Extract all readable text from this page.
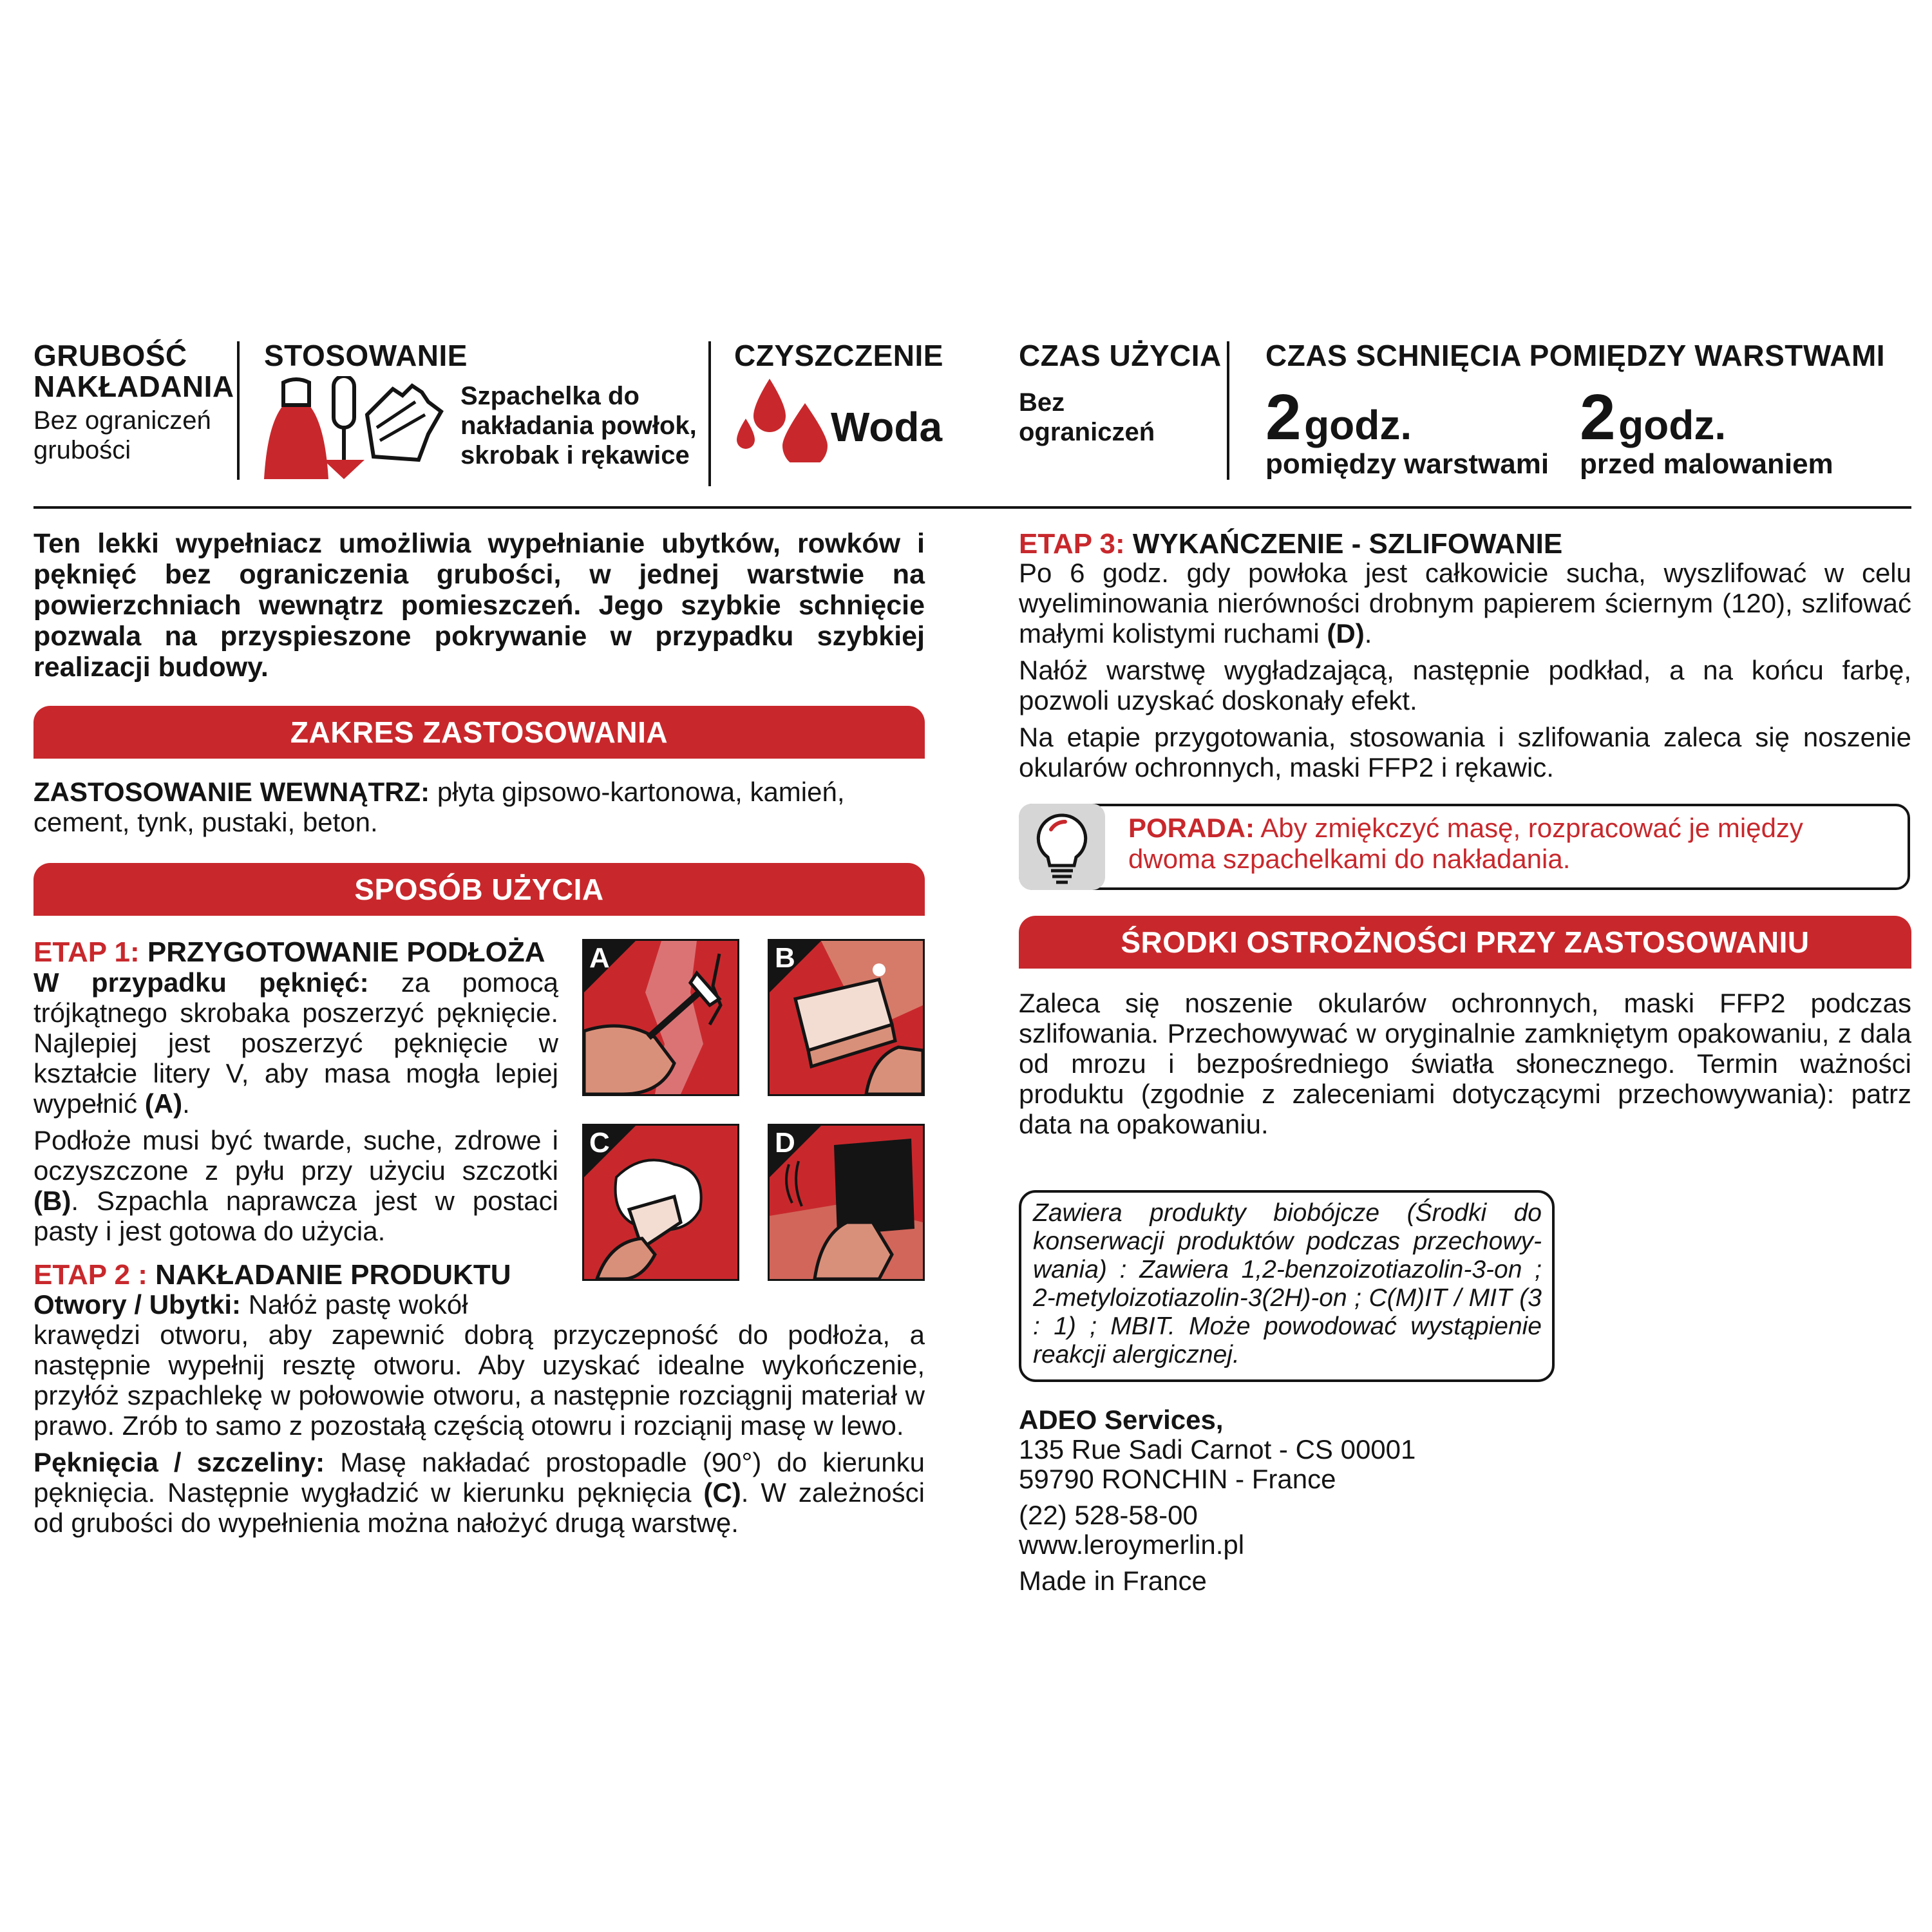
GRUBOŚĆ
NAKŁADANIA
Bez ograniczeń
grubości
STOSOWANIE
Szpachelka do
nakładania powłok,
skrobak i rękawice
CZYSZCZENIE
Woda
CZAS UŻYCIA
Bez
ograniczeń
CZAS SCHNIĘCIA POMIĘDZY WARSTWAMI
2 godz.
pomiędzy warstwami
2 godz.
przed malowaniem
Ten lekki wypełniacz umożliwia wypełnianie ubytków, rowków i pęknięć bez ograniczenia grubości, w jednej warstwie na powierzchniach wewnątrz pomieszczeń. Jego szybkie schnięcie pozwala na przyspieszone pokrywanie w przypadku szybkiej realizacji budowy.
ZAKRES ZASTOSOWANIA
ZASTOSOWANIE WEWNĄTRZ: płyta gipsowo-kartonowa, kamień, cement, tynk, pustaki, beton.
SPOSÓB UŻYCIA
ETAP 1: PRZYGOTOWANIE PODŁOŻA

W przypadku pęknięć: za pomocą trójkątnego skrobaka poszerzyć pęknięcie. Najlepiej jest poszerzyć pęknięcie w kształcie litery V, aby masa mogła lepiej wypełnić (A).

Podłoże musi być twarde, suche, zdrowe i oczyszczone z pyłu przy użyciu szczotki (B). Szpachla naprawcza jest w postaci pasty i jest gotowa do użycia.

A	B
C	D
ETAP 2 : NAKŁADANIE PRODUKTU
Otwory / Ubytki: Nałóż pastę wokół

krawędzi otworu, aby zapewnić dobrą przyczepność do podłoża, a następnie wypełnij resztę otworu. Aby uzyskać idealne wykończenie, przyłóż szpachlekę w połowowie otworu, a następnie rozciągnij materiał w prawo. Zrób to samo z pozostałą częścią otowru i rozciąnij masę w lewo.

Pęknięcia / szczeliny: Masę nakładać prostopadle (90°) do kierunku pęknięcia. Następnie wygładzić w kierunku pęknięcia (C). W zależności od grubości do wypełnienia można nałożyć drugą warstwę.

ETAP 3: WYKAŃCZENIE - SZLIFOWANIE

Po 6 godz. gdy powłoka jest całkowicie sucha, wyszlifować w celu wyeliminowania nierówności drobnym papierem ściernym (120), szlifować małymi kolistymi ruchami (D).

Nałóż warstwę wygładzającą, następnie podkład, a na końcu farbę, pozwoli uzyskać doskonały efekt.

Na etapie przygotowania, stosowania i szlifowania zaleca się noszenie okularów ochronnych, maski FFP2 i rękawic.

PORADA: Aby zmiękczyć masę, rozpracować je między
dwoma szpachelkami do nakładania.
ŚRODKI OSTROŻNOŚCI PRZY ZASTOSOWANIU
Zaleca się noszenie okularów ochronnych, maski FFP2 podczas szlifowania. Przechowywać w oryginalnie zamkniętym opakowaniu, z dala od mrozu i bezpośredniego światła słonecznego. Termin ważności produktu (zgodnie z zaleceniami dotyczącymi przechowywania): patrz data na opakowaniu.
Zawiera produkty biobójcze (Środki do konserwacji produktów podczas przechowy-wania) : Zawiera 1,2-benzoizotiazolin-3-on ; 2-metyloizotiazolin-3(2H)-on ; C(M)IT / MIT (3 : 1) ; MBIT. Może powodować wystąpienie reakcji alergicznej.
ADEO Services,
135 Rue Sadi Carnot - CS 00001
59790 RONCHIN - France
(22) 528-58-00
www.leroymerlin.pl
Made in France
